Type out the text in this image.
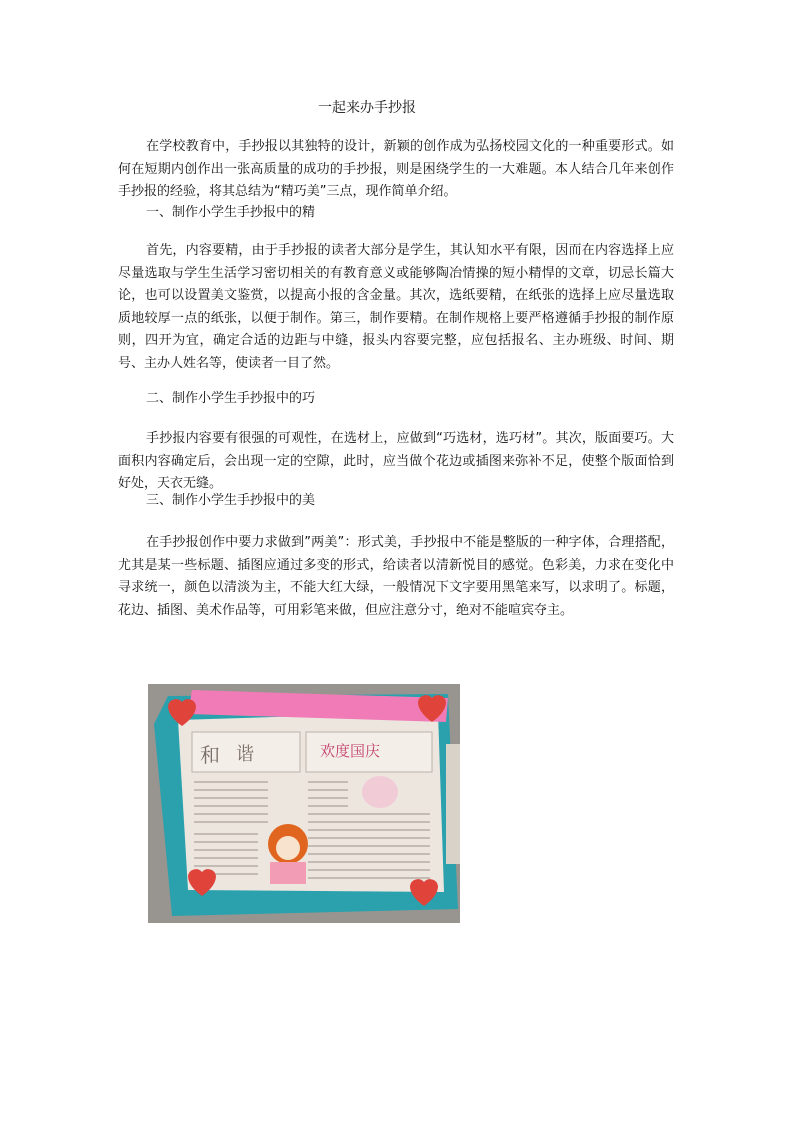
一起来办手抄报

在学校教育中，手抄报以其独特的设计，新颖的创作成为弘扬校园文化的一种重要形式。如何在短期内创作出一张高质量的成功的手抄报，则是困绕学生的一大难题。本人结合几年来创作手抄报的经验，将其总结为“精巧美”三点，现作简单介绍。

一、制作小学生手抄报中的精

首先，内容要精，由于手抄报的读者大部分是学生，其认知水平有限，因而在内容选择上应尽量选取与学生生活学习密切相关的有教育意义或能够陶冶情操的短小精悍的文章，切忌长篇大论，也可以设置美文鉴赏，以提高小报的含金量。其次，选纸要精，在纸张的选择上应尽量选取质地较厚一点的纸张，以便于制作。第三，制作要精。在制作规格上要严格遵循手抄报的制作原则，四开为宜，确定合适的边距与中缝，报头内容要完整，应包括报名、主办班级、时间、期号、主办人姓名等，使读者一目了然。

二、制作小学生手抄报中的巧

手抄报内容要有很强的可观性，在选材上，应做到“巧选材，选巧材”。其次，版面要巧。大面积内容确定后，会出现一定的空隙，此时，应当做个花边或插图来弥补不足，使整个版面恰到好处，天衣无缝。

三、制作小学生手抄报中的美

在手抄报创作中要力求做到”两美”：形式美，手抄报中不能是整版的一种字体，合理搭配，尤其是某一些标题、插图应通过多变的形式，给读者以清新悦目的感觉。色彩美，力求在变化中寻求统一，颜色以清淡为主，不能大红大绿，一般情况下文字要用黑笔来写，以求明了。标题，花边、插图、美术作品等，可用彩笔来做，但应注意分寸，绝对不能喧宾夺主。

和 谐	欢度国庆
